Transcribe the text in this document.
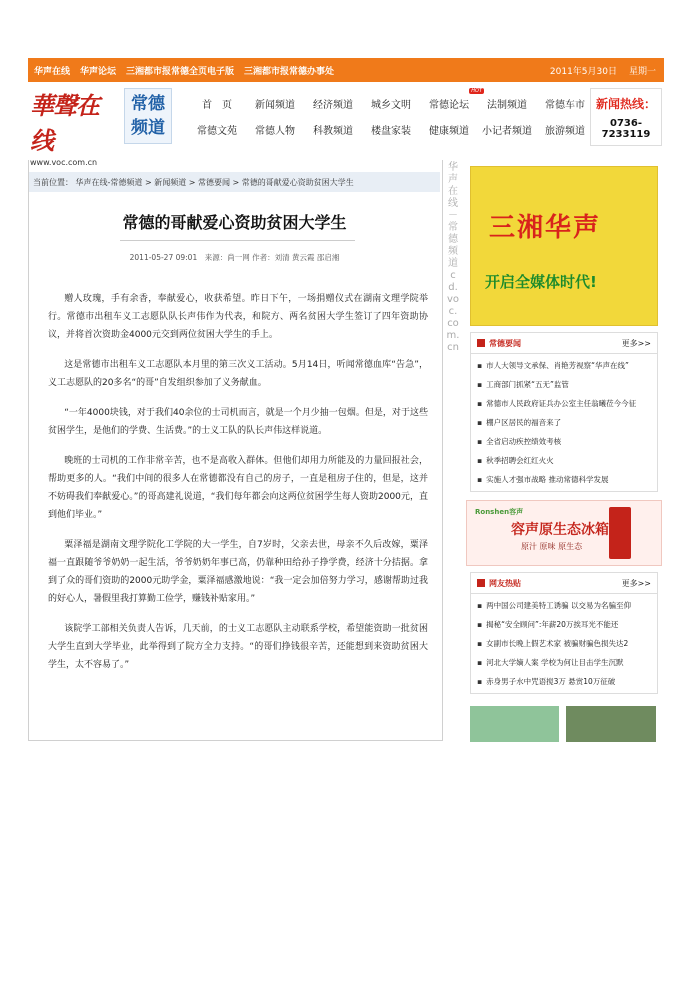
华声在线 华声论坛 三湘都市报常德全页电子版 三湘都市报常德办事处	2011年5月30日 星期一
華聲在线
www.voc.com.cn
常德频道
首　页	新闻频道	经济频道	城乡文明	常德论坛
HOT
法制频道	常德车市
常德文苑	常德人物	科教频道	楼盘家装	健康频道	小记者频道	旅游频道
新闻热线：
0736-7233119
当前位置： 华声在线-常德频道 > 新闻频道 > 常德要闻 > 常德的哥献爱心资助贫困大学生
常德的哥献爱心资助贫困大学生
2011-05-27 09:01　来源：尚一网 作者：刘清 黄云霞 邵启湘

赠人玫瑰，手有余香，奉献爱心，收获希望。昨日下午，一场捐赠仪式在湖南文理学院举行。常德市出租车义工志愿队队长声伟作为代表，和院方、两名贫困大学生签订了四年资助协议，并将首次资助金4000元交到两位贫困大学生的手上。

这是常德市出租车义工志愿队本月里的第三次义工活动。5月14日，听闻常德血库“告急”，义工志愿队的20多名“的哥”自发组织参加了义务献血。

“一年4000块钱，对于我们40余位的士司机而言，就是一个月少抽一包烟。但是，对于这些贫困学生，是他们的学费、生活费。”的士义工队的队长声伟这样说道。

晚班的士司机的工作非常辛苦，也不是高收入群体。但他们却用力所能及的力量回报社会，帮助更多的人。“我们中间的很多人在常德都没有自己的房子，一直是租房子住的，但是，这并不妨碍我们奉献爱心。”的哥高建礼说道，“我们每年都会向这两位贫困学生每人资助2000元，直到他们毕业。”

粟泽福是湖南文理学院化工学院的大一学生，自7岁时，父亲去世，母亲不久后改嫁，粟泽福一直跟随爷爷奶奶一起生活，爷爷奶奶年事已高，仍靠种田给孙子挣学费，经济十分拮据。拿到了众的哥们资助的2000元助学金，粟泽福感激地说：“我一定会加倍努力学习，感谢帮助过我的好心人，暑假里我打算勤工俭学，赚钱补贴家用。”

该院学工部相关负责人告诉，几天前，的士义工志愿队主动联系学校，希望能资助一批贫困大学生直到大学毕业，此举得到了院方全力支持。“的哥们挣钱很辛苦，还能想到来资助贫困大学生，太不容易了。”

华声在线－常德频道 cd.voc.com.cn
三湘华声
开启全媒体时代!
常德要闻	更多>>
▪ 市人大领导文承保、肖艳芳视察“华声在线”
▪ 工商部门抓紧“五无”监管
▪ 常德市人民政府证兵办公室主任翁曦莅今今征
▪ 棚户区居民的福音来了
▪ 全省启动疾控绩效考核
▪ 秋季招聘会红红火火
▪ 实施人才强市战略 推动常德科学发展
Ronshen容声
容声原生态冰箱
原汁 原味 原生态
网友热贴	更多>>
▪ 两中国公司建美特工诱骗 以交易为名骗至仰
▪ 揭秘“安全顾问”:年薪20万挨耳光不能还
▪ 女副市长晚上假艺术家 被骗财骗色损失达2
▪ 河北大学嫡人案 学校为何让目击学生沉默
▪ 赤身男子水中咒语搅3万 悬赏10万征破
